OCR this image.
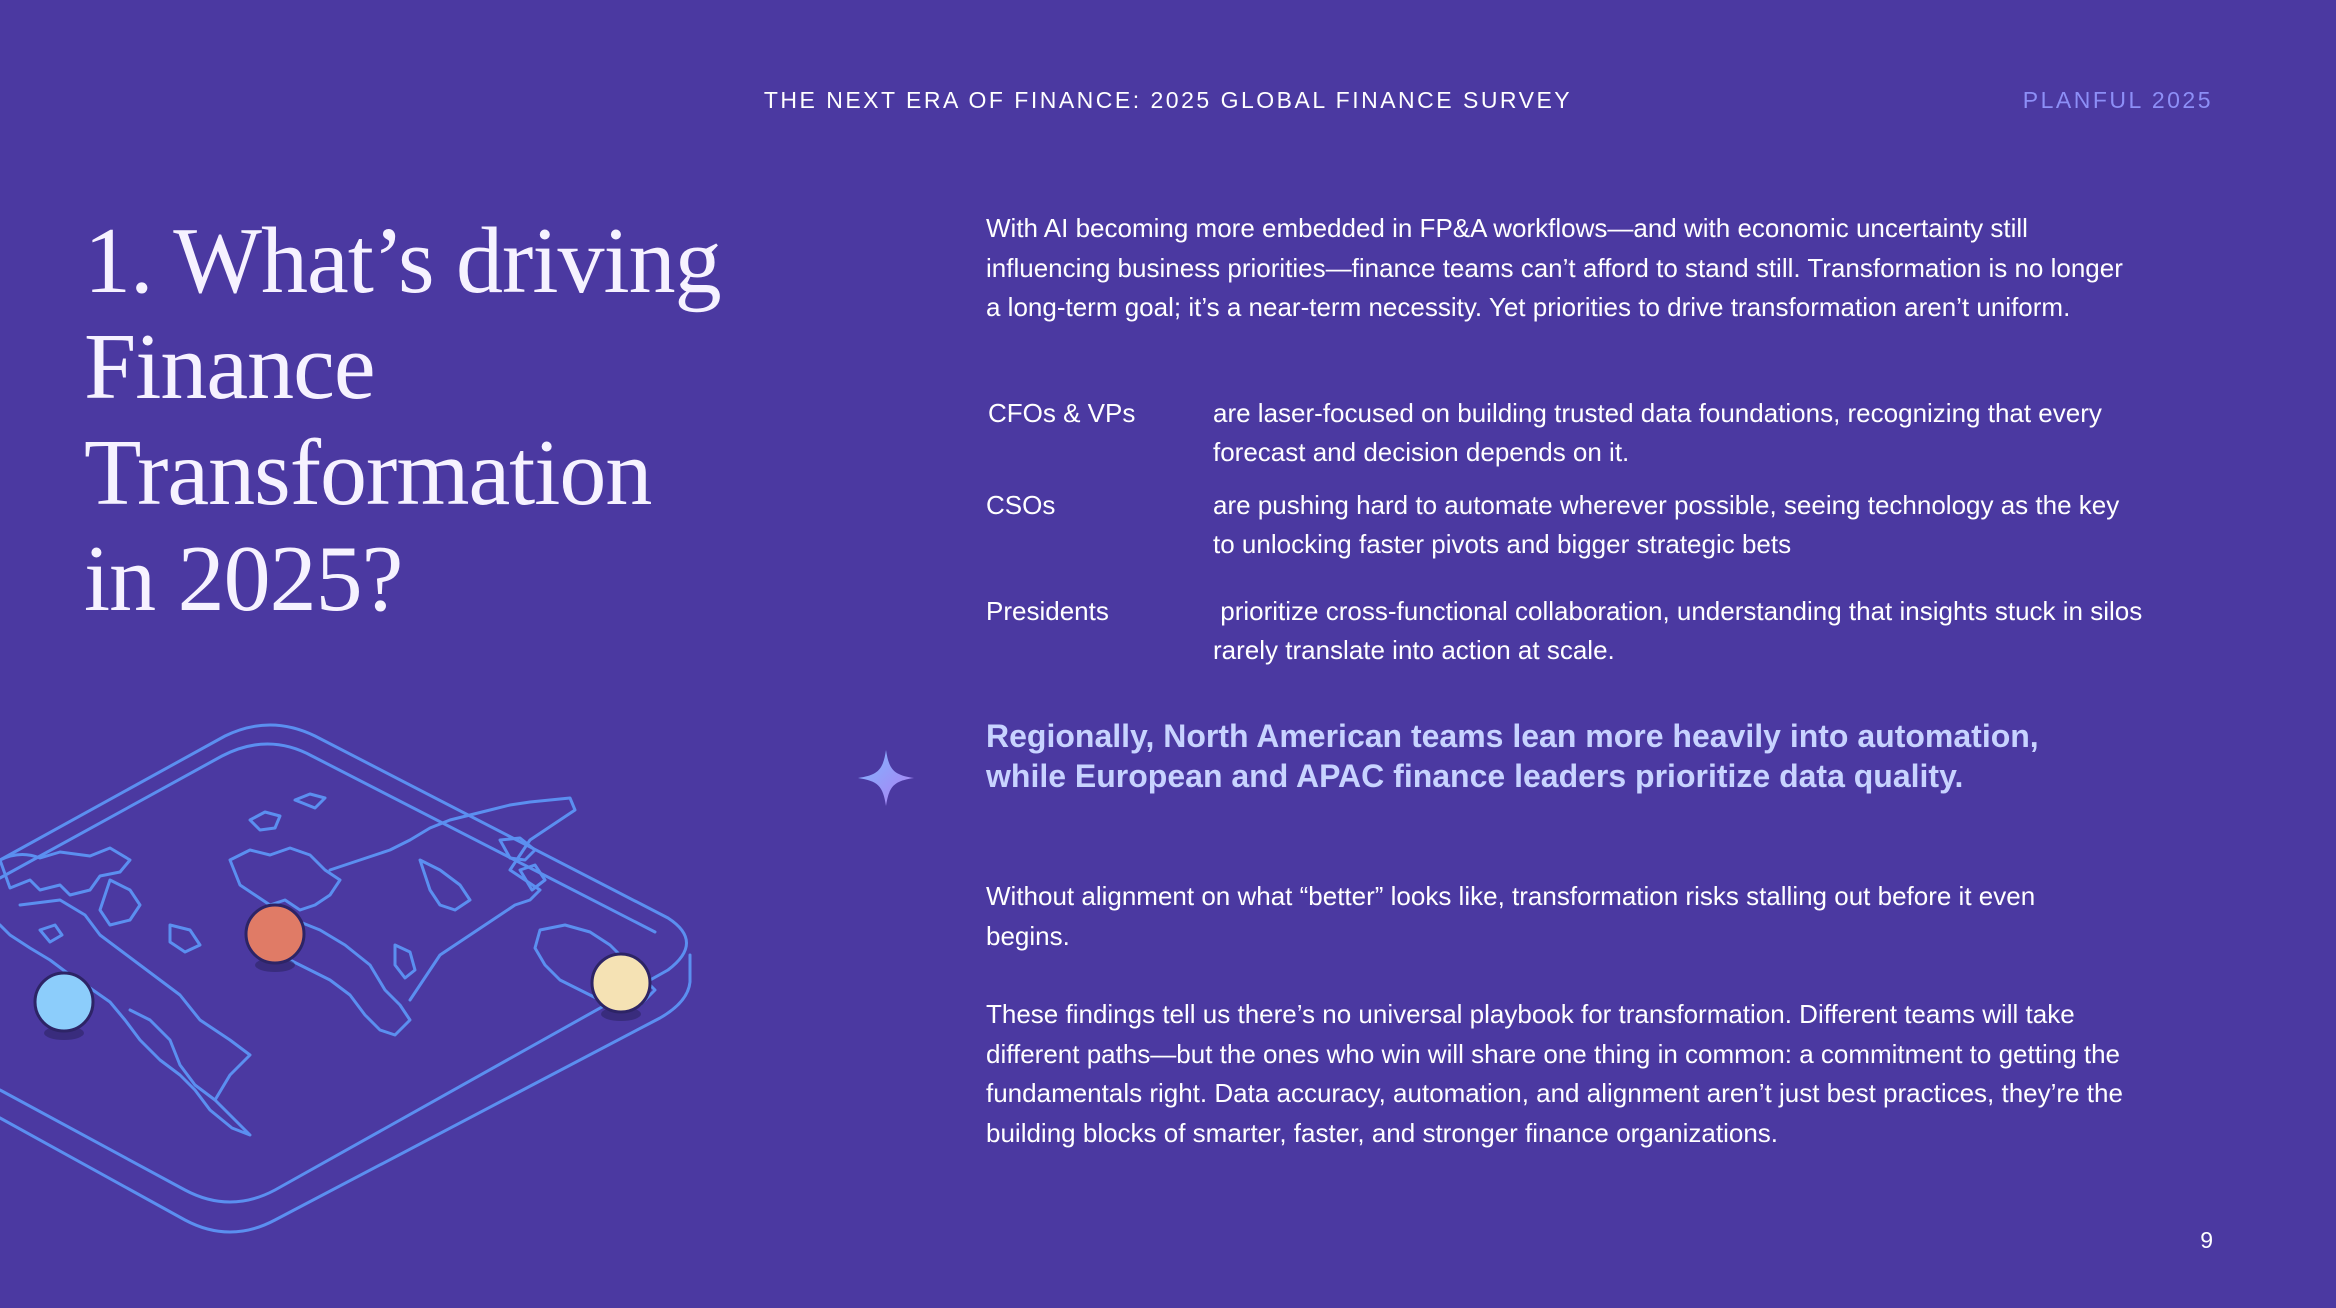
THE NEXT ERA OF FINANCE: 2025 GLOBAL FINANCE SURVEY	PLANFUL 2025
1. What’s driving
Finance
Transformation
in 2025?

With AI becoming more embedded in FP&A workflows—and with economic uncertainty still influencing business priorities—finance teams can’t afford to stand still. Transformation is no longer a long-term goal; it’s a near-term necessity. Yet priorities to drive transformation aren’t uniform.

CFOs & VPs	are laser-focused on building trusted data foundations, recognizing that every forecast and decision depends on it.
CSOs	are pushing hard to automate wherever possible, seeing technology as the key to unlocking faster pivots and bigger strategic bets
Presidents	prioritize cross-functional collaboration, understanding that insights stuck in silos rarely translate into action at scale.
Regionally, North American teams lean more heavily into automation, while European and APAC finance leaders prioritize data quality.

Without alignment on what “better” looks like, transformation risks stalling out before it even begins.

These findings tell us there’s no universal playbook for transformation. Different teams will take different paths—but the ones who win will share one thing in common: a commitment to getting the fundamentals right. Data accuracy, automation, and alignment aren’t just best practices, they’re the building blocks of smarter, faster, and stronger finance organizations.

9
